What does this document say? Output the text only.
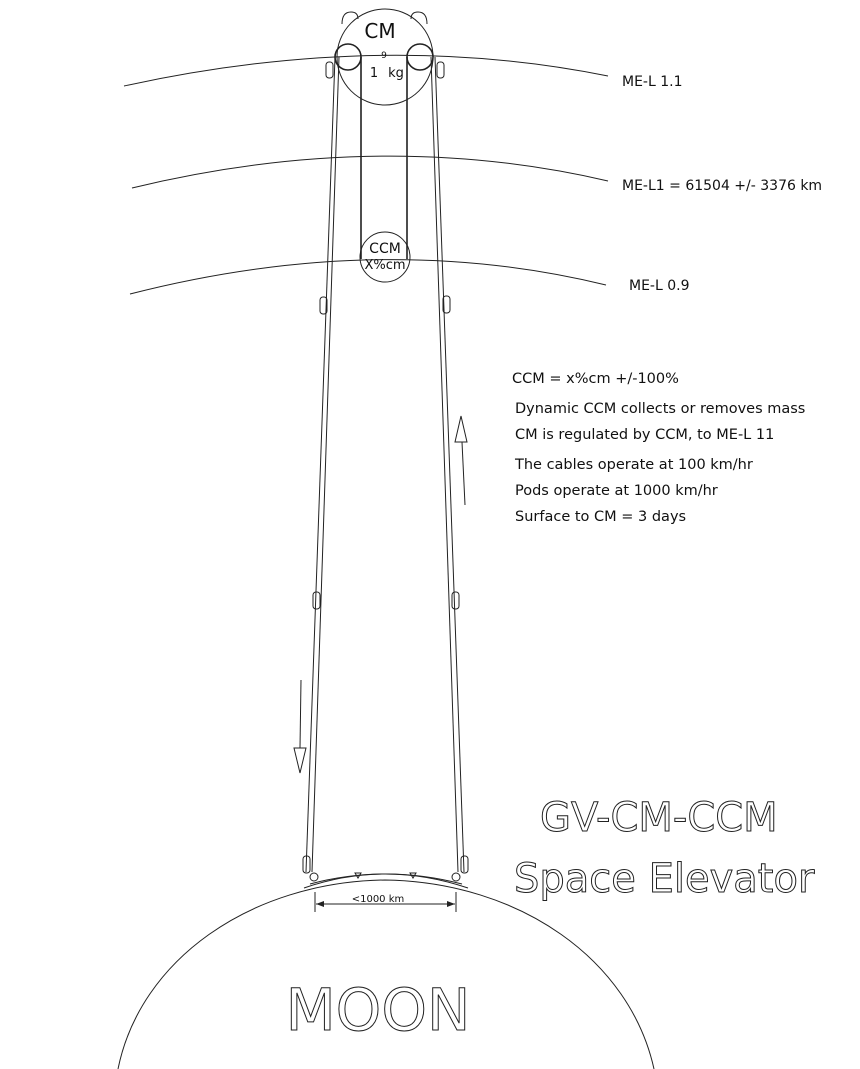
CM
1
9
kg
CCM
X%cm
<1000 km
ME-L 1.1
ME-L1 = 61504 +/- 3376 km
ME-L 0.9
CCM = x%cm +/-100%
Dynamic CCM collects or removes mass
CM is regulated by CCM, to ME-L 11
The cables operate at 100 km/hr
Pods operate at 1000 km/hr
Surface to CM = 3 days
GV-CM-CCM
Space Elevator
MOON
